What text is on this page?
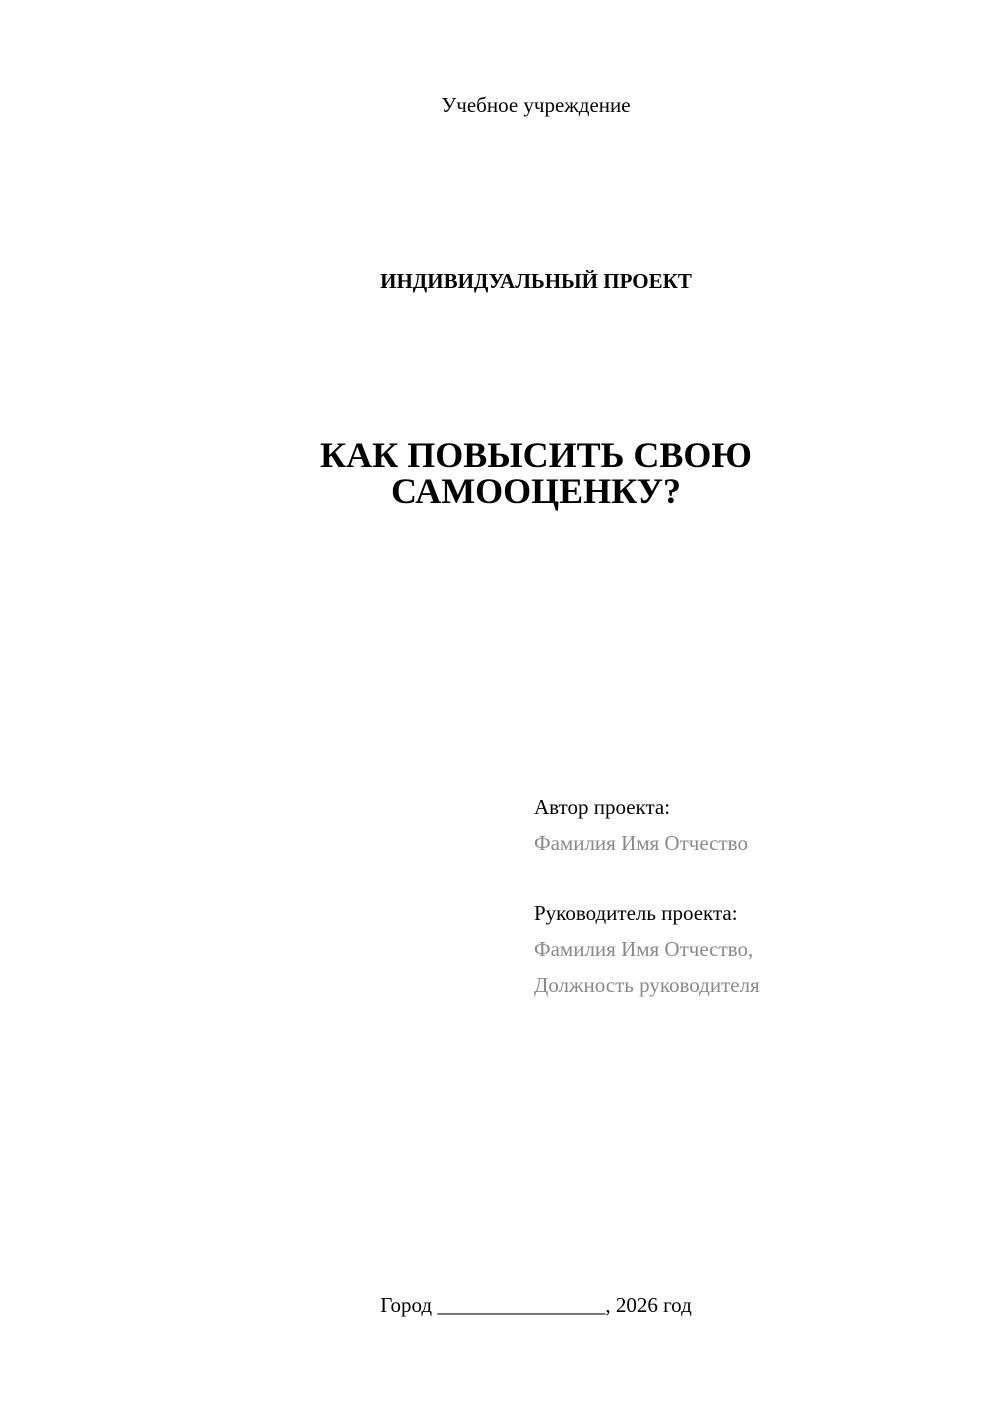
Учебное учреждение
ИНДИВИДУАЛЬНЫЙ ПРОЕКТ
КАК ПОВЫСИТЬ СВОЮ
САМООЦЕНКУ?
Автор проекта:
Фамилия Имя Отчество
Руководитель проекта:
Фамилия Имя Отчество,
Должность руководителя
Город ________________, 2026 год
